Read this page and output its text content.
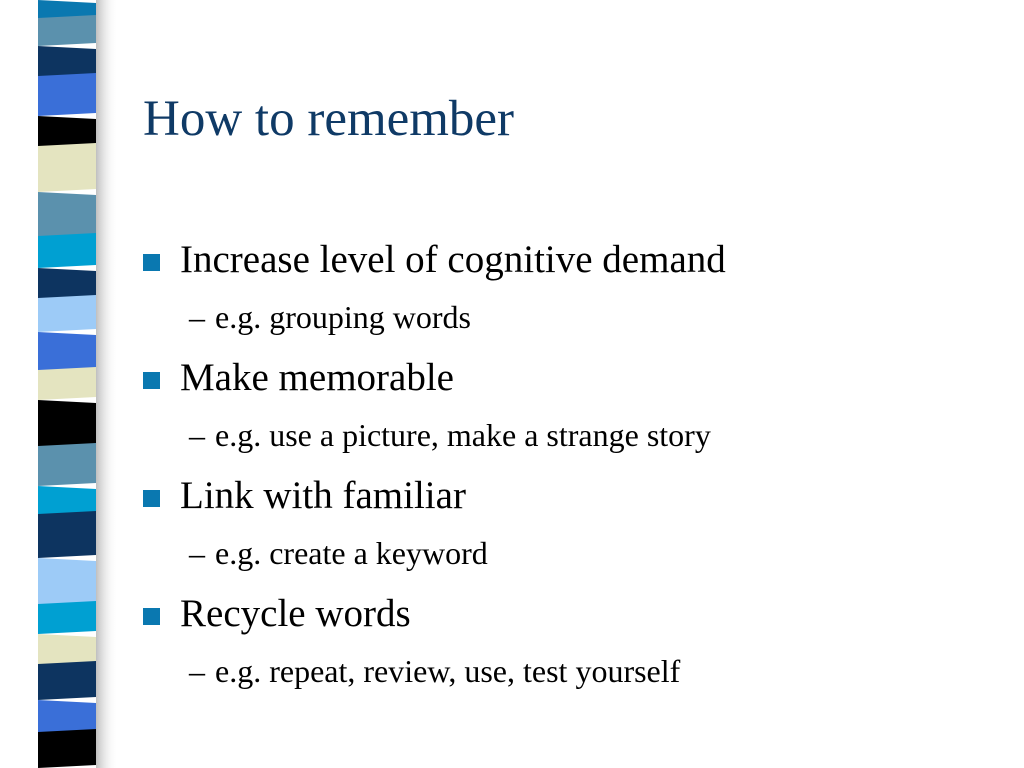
How to remember
Increase level of cognitive demand
– e.g. grouping words
Make memorable
– e.g. use a picture, make a strange story
Link with familiar
– e.g. create a keyword
Recycle words
– e.g. repeat, review, use, test yourself
